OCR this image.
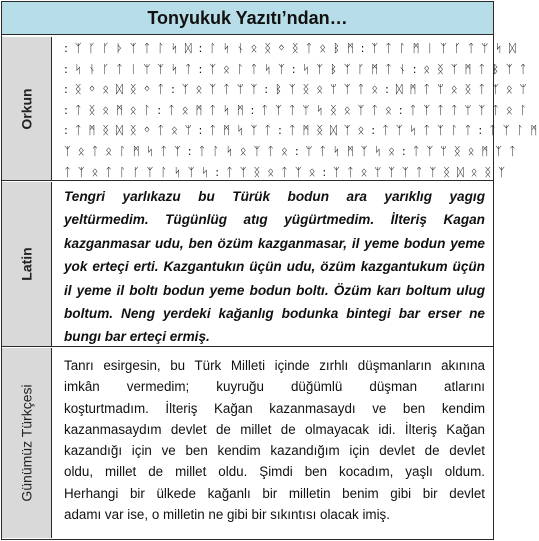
Tonyukuk Yazıtı’ndan…
Orkun
: ᛉ ᚴ ᚴ ᚦ ᛉ ᛏ ᛚ ᛋ ᛞ : ᛚ ᛋ ᚾ ᛟ ᛝ ᛜ ᛝ ᛏ ᛟ ᛒ ᛗ : ᛉ ᛏ ᛚ ᛗ ᛁ ᛉ ᚴ ᛏ ᛘ ᛋ ᛞ
: ᛋ ᚾ ᚴ ᛏ ᛁ ᛘ ᛉ ᛋ ᛏ : ᛉ ᛟ ᛚ ᛏ ᛋ ᛉ : ᛋ ᛉ ᛒ ᛉ ᚴ ᛗ ᛏ ᚾ : ᛟ ᛝ ᛉ ᛗ ᛏ ᛒ ᛉ ᛏ
: ᛝ ᛜ ᛟ ᛞ ᛝ ᛜ ᛏ : ᛉ ᛟ ᛉ ᛏ ᛘ ᛉ : ᛒ ᛉ ᛝ ᛟ ᛘ ᛉ ᛏ ᛟ : ᛞ ᛗ ᛏ ᛘ ᛟ ᛝ ᛏ ᛉ ᛟ ᛘ
: ᛏ ᛝ ᛟ ᛗ ᛟ ᛚ : ᛏ ᛟ ᛗ ᛏ ᛋ ᛗ : ᛏ ᛉ ᛏ ᛘ ᛋ ᛝ ᛟ ᛉ ᛏ ᛟ : ᛏ ᛉ ᛏ ᛏ ᛘ ᛉ ᛏ ᛟ ᛚ
: ᛏ ᛗ ᛝ ᛞ ᛝ ᛜ ᛏ ᛟ ᛘ : ᛏ ᛗ ᛋ ᛉ ᛏ : ᛏ ᛗ ᛝ ᛞ ᛉ ᛟ : ᛏ ᛉ ᛋ ᛏ ᛉ ᛚ ᛏ : ᛏ ᛉ ᛚ ᛗ
ᛉ ᛟ ᛏ ᛟ ᛚ ᛗ ᛋ ᛏ ᛉ : ᛏ ᛚ ᛋ ᛟ ᛉ ᛏ ᛟ : ᛘ ᛏ ᛋ ᛗ ᛉ ᛋ ᛟ : ᛏ ᛉ ᛘ ᛝ ᛟ ᛗ ᛉ ᛏ
ᛏ ᛉ ᛟ ᛏ ᛚ ᚴ ᛉ ᛚ ᛋ ᛉ ᛋ : ᛏ ᛉ ᛝ ᛟ ᛏ ᛉ ᛟ : ᛉ ᛏ ᛟ ᛘ ᛉ ᛉ ᛏ ᛉ ᛝ ᛞ ᛟ ᛝ ᛉ
Latin
Tengri yarlıkazu bu Türük bodun ara yarıklıg yagıg
yeltürmedim. Tügünlüg atıg yügürtmedim. İlteriş Kagan
kazganmasar udu, ben özüm kazganmasar, il yeme bodun yeme
yok erteçi erti. Kazgantukın üçün udu, özüm kazgantukum üçün
il yeme il boltı bodun yeme bodun boltı. Özüm karı boltum ulug
boltum. Neng yerdeki kağanlıg bodunka bintegi bar erser ne
bungı bar erteçi ermiş.
Günümüz Türkçesi
Tanrı esirgesin, bu Türk Milleti içinde zırhlı düşmanların akınına
imkân vermedim; kuyruğu düğümlü düşman atlarını
koşturtmadım. İlteriş Kağan kazanmasaydı ve ben kendim
kazanmasaydım devlet de millet de olmayacak idi. İlteriş Kağan
kazandığı için ve ben kendim kazandığım için devlet de devlet
oldu, millet de millet oldu. Şimdi ben kocadım, yaşlı oldum.
Herhangi bir ülkede kağanlı bir milletin benim gibi bir devlet
adamı var ise, o milletin ne gibi bir sıkıntısı olacak imiş.
